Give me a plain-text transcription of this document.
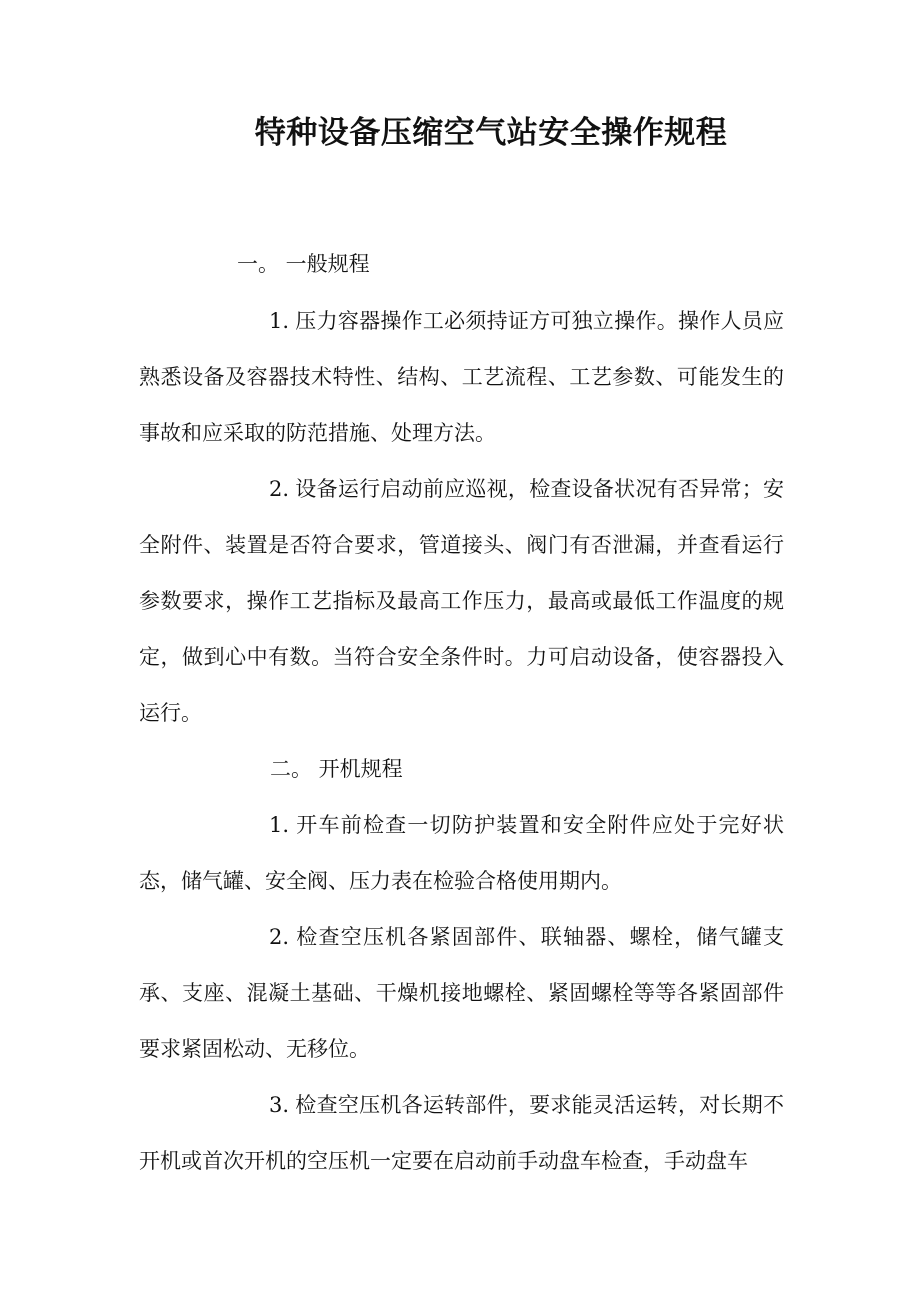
特种设备压缩空气站安全操作规程
一。 一般规程
1. 压力容器操作工必须持证方可独立操作。操作人员应熟悉设备及容器技术特性、结构、工艺流程、工艺参数、可能发生的事故和应采取的防范措施、处理方法。
2. 设备运行启动前应巡视，检查设备状况有否异常；安全附件、装置是否符合要求，管道接头、阀门有否泄漏，并查看运行参数要求，操作工艺指标及最高工作压力，最高或最低工作温度的规定，做到心中有数。当符合安全条件时。力可启动设备，使容器投入运行。
二。 开机规程
1. 开车前检查一切防护装置和安全附件应处于完好状态，储气罐、安全阀、压力表在检验合格使用期内。
2. 检查空压机各紧固部件、联轴器、螺栓，储气罐支承、支座、混凝土基础、干燥机接地螺栓、紧固螺栓等等各紧固部件要求紧固松动、无移位。
3. 检查空压机各运转部件，要求能灵活运转，对长期不开机或首次开机的空压机一定要在启动前手动盘车检查，手动盘车
